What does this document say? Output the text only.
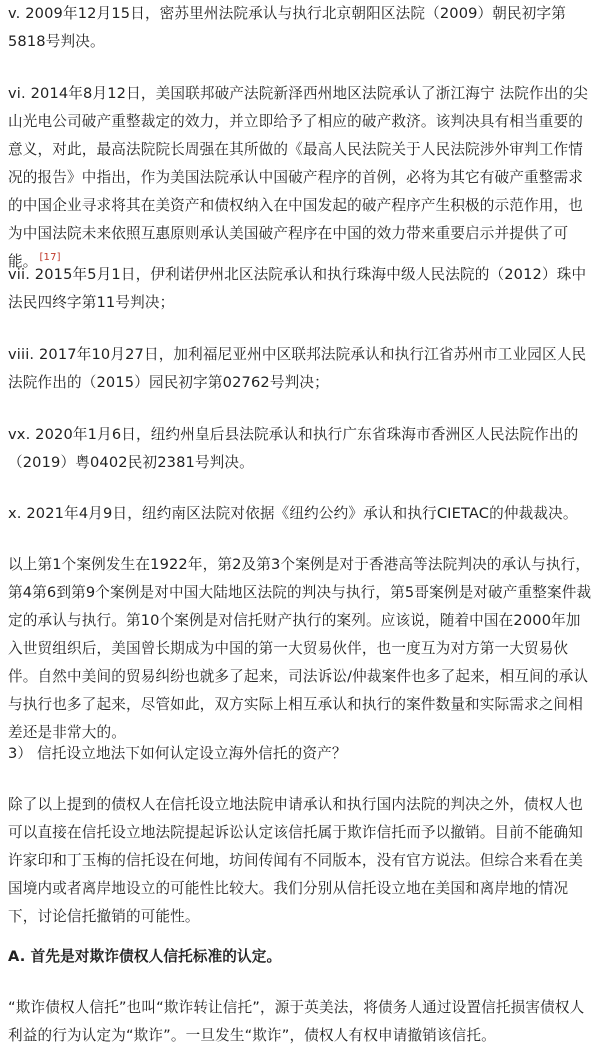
v. 2009年12月15日，密苏里州法院承认与执行北京朝阳区法院（2009）朝民初字第5818号判决。

vi. 2014年8月12日，美国联邦破产法院新泽西州地区法院承认了浙江海宁 法院作出的尖山光电公司破产重整裁定的效力，并立即给予了相应的破产救济。该判决具有相当重要的意义，对此，最高法院院长周强在其所做的《最高人民法院关于人民法院涉外审判工作情况的报告》中指出，作为美国法院承认中国破产程序的首例，必将为其它有破产重整需求的中国企业寻求将其在美资产和债权纳入在中国发起的破产程序产生积极的示范作用，也为中国法院未来依照互惠原则承认美国破产程序在中国的效力带来重要启示并提供了可能。 [17]

vii. 2015年5月1日，伊利诺伊州北区法院承认和执行珠海中级人民法院的（2012）珠中法民四终字第11号判决；

viii. 2017年10月27日，加利福尼亚州中区联邦法院承认和执行江省苏州市工业园区人民法院作出的（2015）园民初字第02762号判决；

vx. 2020年1月6日，纽约州皇后县法院承认和执行广东省珠海市香洲区人民法院作出的（2019）粤0402民初2381号判决。

x. 2021年4月9日，纽约南区法院对依据《纽约公约》承认和执行CIETAC的仲裁裁决。

以上第1个案例发生在1922年，第2及第3个案例是对于香港高等法院判决的承认与执行，第4第6到第9个案例是对中国大陆地区法院的判决与执行，第5哥案例是对破产重整案件裁定的承认与执行。第10个案例是对信托财产执行的案列。应该说，随着中国在2000年加入世贸组织后，美国曾长期成为中国的第一大贸易伙伴，也一度互为对方第一大贸易伙伴。自然中美间的贸易纠纷也就多了起来，司法诉讼/仲裁案件也多了起来，相互间的承认与执行也多了起来，尽管如此，双方实际上相互承认和执行的案件数量和实际需求之间相差还是非常大的。

3） 信托设立地法下如何认定设立海外信托的资产？

除了以上提到的债权人在信托设立地法院申请承认和执行国内法院的判决之外，债权人也可以直接在信托设立地法院提起诉讼认定该信托属于欺诈信托而予以撤销。目前不能确知许家印和丁玉梅的信托设在何地，坊间传闻有不同版本，没有官方说法。但综合来看在美国境内或者离岸地设立的可能性比较大。我们分别从信托设立地在美国和离岸地的情况下，讨论信托撤销的可能性。

A. 首先是对欺诈债权人信托标准的认定。

“欺诈债权人信托”也叫“欺诈转让信托”，源于英美法，将债务人通过设置信托损害债权人利益的行为认定为“欺诈”。一旦发生“欺诈”，债权人有权申请撤销该信托。
